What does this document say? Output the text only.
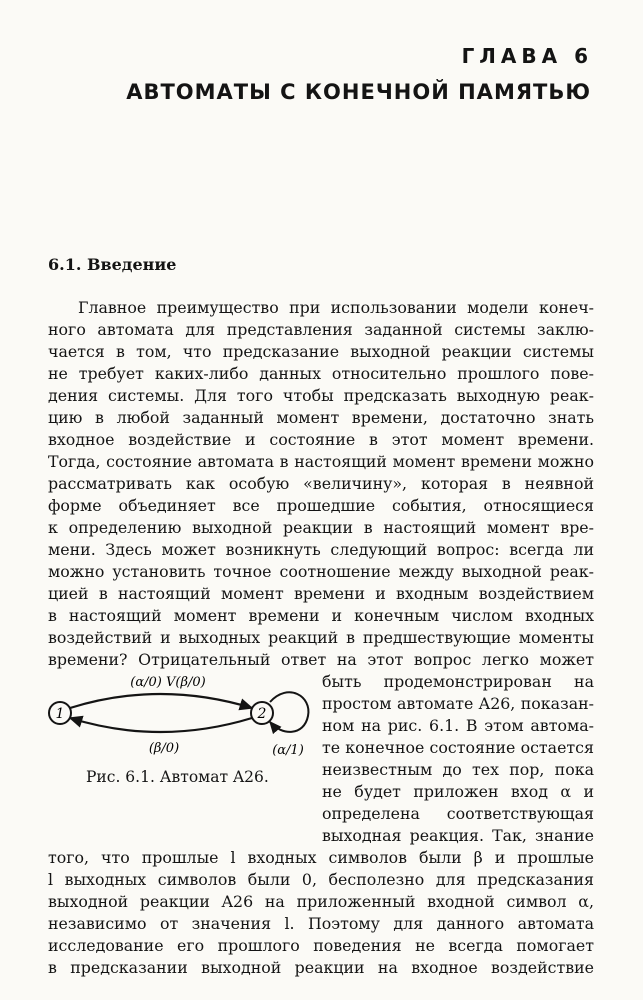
ГЛАВА 6
АВТОМАТЫ С КОНЕЧНОЙ ПАМЯТЬЮ
6.1. Введение
Главное преимущество при использовании модели конеч-
ного автомата для представления заданной системы заклю-
чается в том, что предсказание выходной реакции системы
не требует каких-либо данных относительно прошлого пове-
дения системы. Для того чтобы предсказать выходную реак-
цию в любой заданный момент времени, достаточно знать
входное воздействие и состояние в этот момент времени.
Тогда, состояние автомата в настоящий момент времени можно
рассматривать как особую «величину», которая в неявной
форме объединяет все прошедшие события, относящиеся
к определению выходной реакции в настоящий момент вре-
мени. Здесь может возникнуть следующий вопрос: всегда ли
можно установить точное соотношение между выходной реак-
цией в настоящий момент времени и входным воздействием
в настоящий момент времени и конечным числом входных
воздействий и выходных реакций в предшествующие моменты
времени? Отрицательный ответ на этот вопрос легко может
быть продемонстрирован на
простом автомате A26, показан-
ном на рис. 6.1. В этом автома-
те конечное состояние остается
неизвестным до тех пор, пока
не будет приложен вход α и
определена соответствующая
выходная реакция. Так, знание
1	2
(α/0) V(β/0)
(β/0)	(α/1)
Рис. 6.1. Автомат A26.
того, что прошлые l входных символов были β и прошлые
l выходных символов были 0, бесполезно для предсказания
выходной реакции A26 на приложенный входной символ α,
независимо от значения l. Поэтому для данного автомата
исследование его прошлого поведения не всегда помогает
в предсказании выходной реакции на входное воздействие
